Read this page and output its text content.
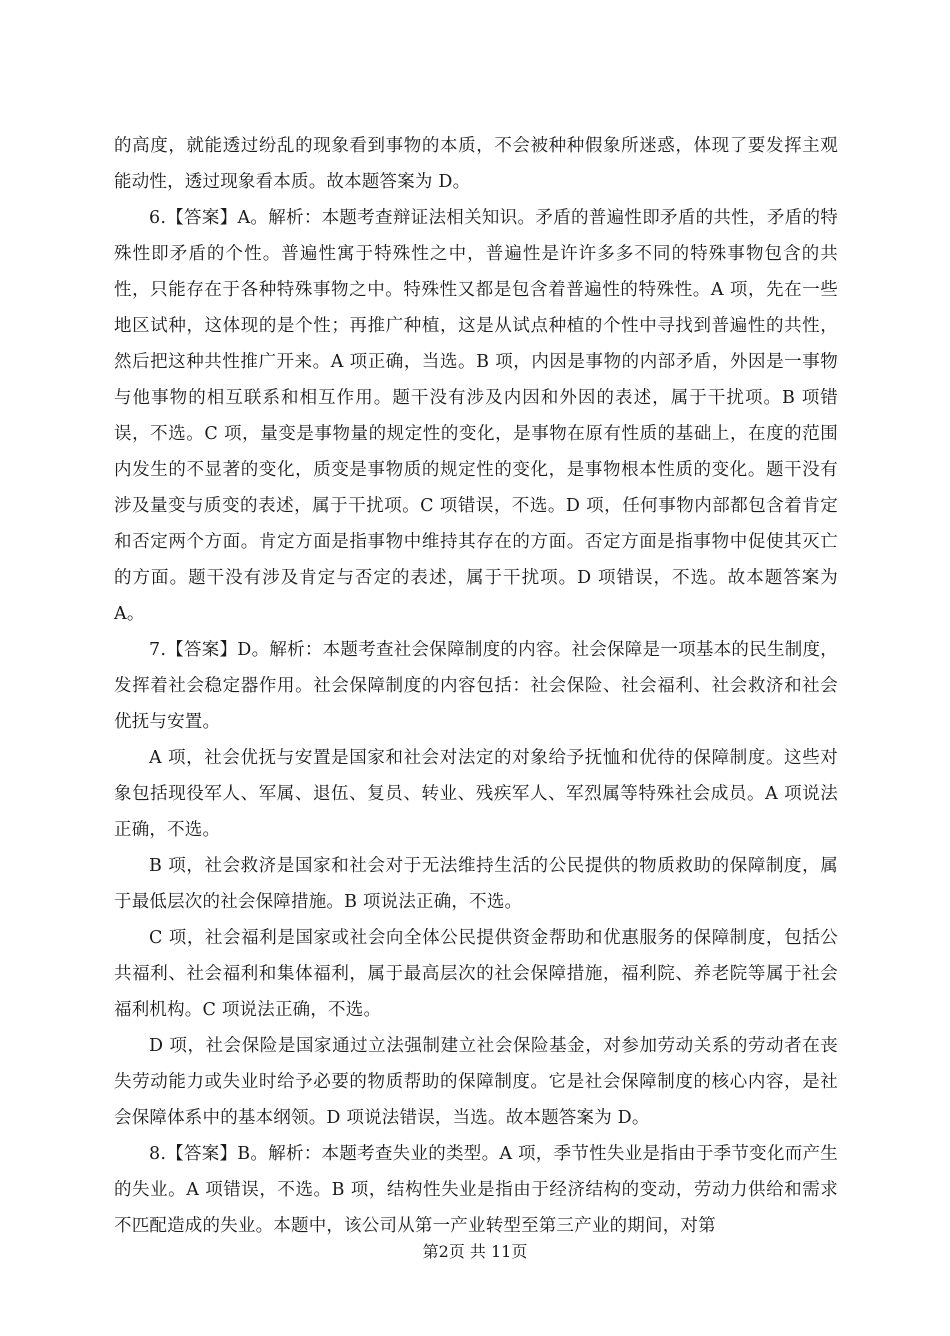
的高度，就能透过纷乱的现象看到事物的本质，不会被种种假象所迷惑，体现了要发挥主观能动性，透过现象看本质。故本题答案为 D。

6.【答案】A。解析：本题考查辩证法相关知识。矛盾的普遍性即矛盾的共性，矛盾的特殊性即矛盾的个性。普遍性寓于特殊性之中，普遍性是许许多多不同的特殊事物包含的共性，只能存在于各种特殊事物之中。特殊性又都是包含着普遍性的特殊性。A 项，先在一些地区试种，这体现的是个性；再推广种植，这是从试点种植的个性中寻找到普遍性的共性，然后把这种共性推广开来。A 项正确，当选。B 项，内因是事物的内部矛盾，外因是一事物与他事物的相互联系和相互作用。题干没有涉及内因和外因的表述，属于干扰项。B 项错误，不选。C 项，量变是事物量的规定性的变化，是事物在原有性质的基础上，在度的范围内发生的不显著的变化，质变是事物质的规定性的变化，是事物根本性质的变化。题干没有涉及量变与质变的表述，属于干扰项。C 项错误，不选。D 项，任何事物内部都包含着肯定和否定两个方面。肯定方面是指事物中维持其存在的方面。否定方面是指事物中促使其灭亡的方面。题干没有涉及肯定与否定的表述，属于干扰项。D 项错误，不选。故本题答案为 A。

7.【答案】D。解析：本题考查社会保障制度的内容。社会保障是一项基本的民生制度，发挥着社会稳定器作用。社会保障制度的内容包括：社会保险、社会福利、社会救济和社会优抚与安置。

A 项，社会优抚与安置是国家和社会对法定的对象给予抚恤和优待的保障制度。这些对象包括现役军人、军属、退伍、复员、转业、残疾军人、军烈属等特殊社会成员。A 项说法正确，不选。

B 项，社会救济是国家和社会对于无法维持生活的公民提供的物质救助的保障制度，属于最低层次的社会保障措施。B 项说法正确，不选。

C 项，社会福利是国家或社会向全体公民提供资金帮助和优惠服务的保障制度，包括公共福利、社会福利和集体福利，属于最高层次的社会保障措施，福利院、养老院等属于社会福利机构。C 项说法正确，不选。

D 项，社会保险是国家通过立法强制建立社会保险基金，对参加劳动关系的劳动者在丧失劳动能力或失业时给予必要的物质帮助的保障制度。它是社会保障制度的核心内容，是社会保障体系中的基本纲领。D 项说法错误，当选。故本题答案为 D。

8.【答案】B。解析：本题考查失业的类型。A 项，季节性失业是指由于季节变化而产生的失业。A 项错误，不选。B 项，结构性失业是指由于经济结构的变动，劳动力供给和需求不匹配造成的失业。本题中，该公司从第一产业转型至第三产业的期间，对第

第2页 共 11页
